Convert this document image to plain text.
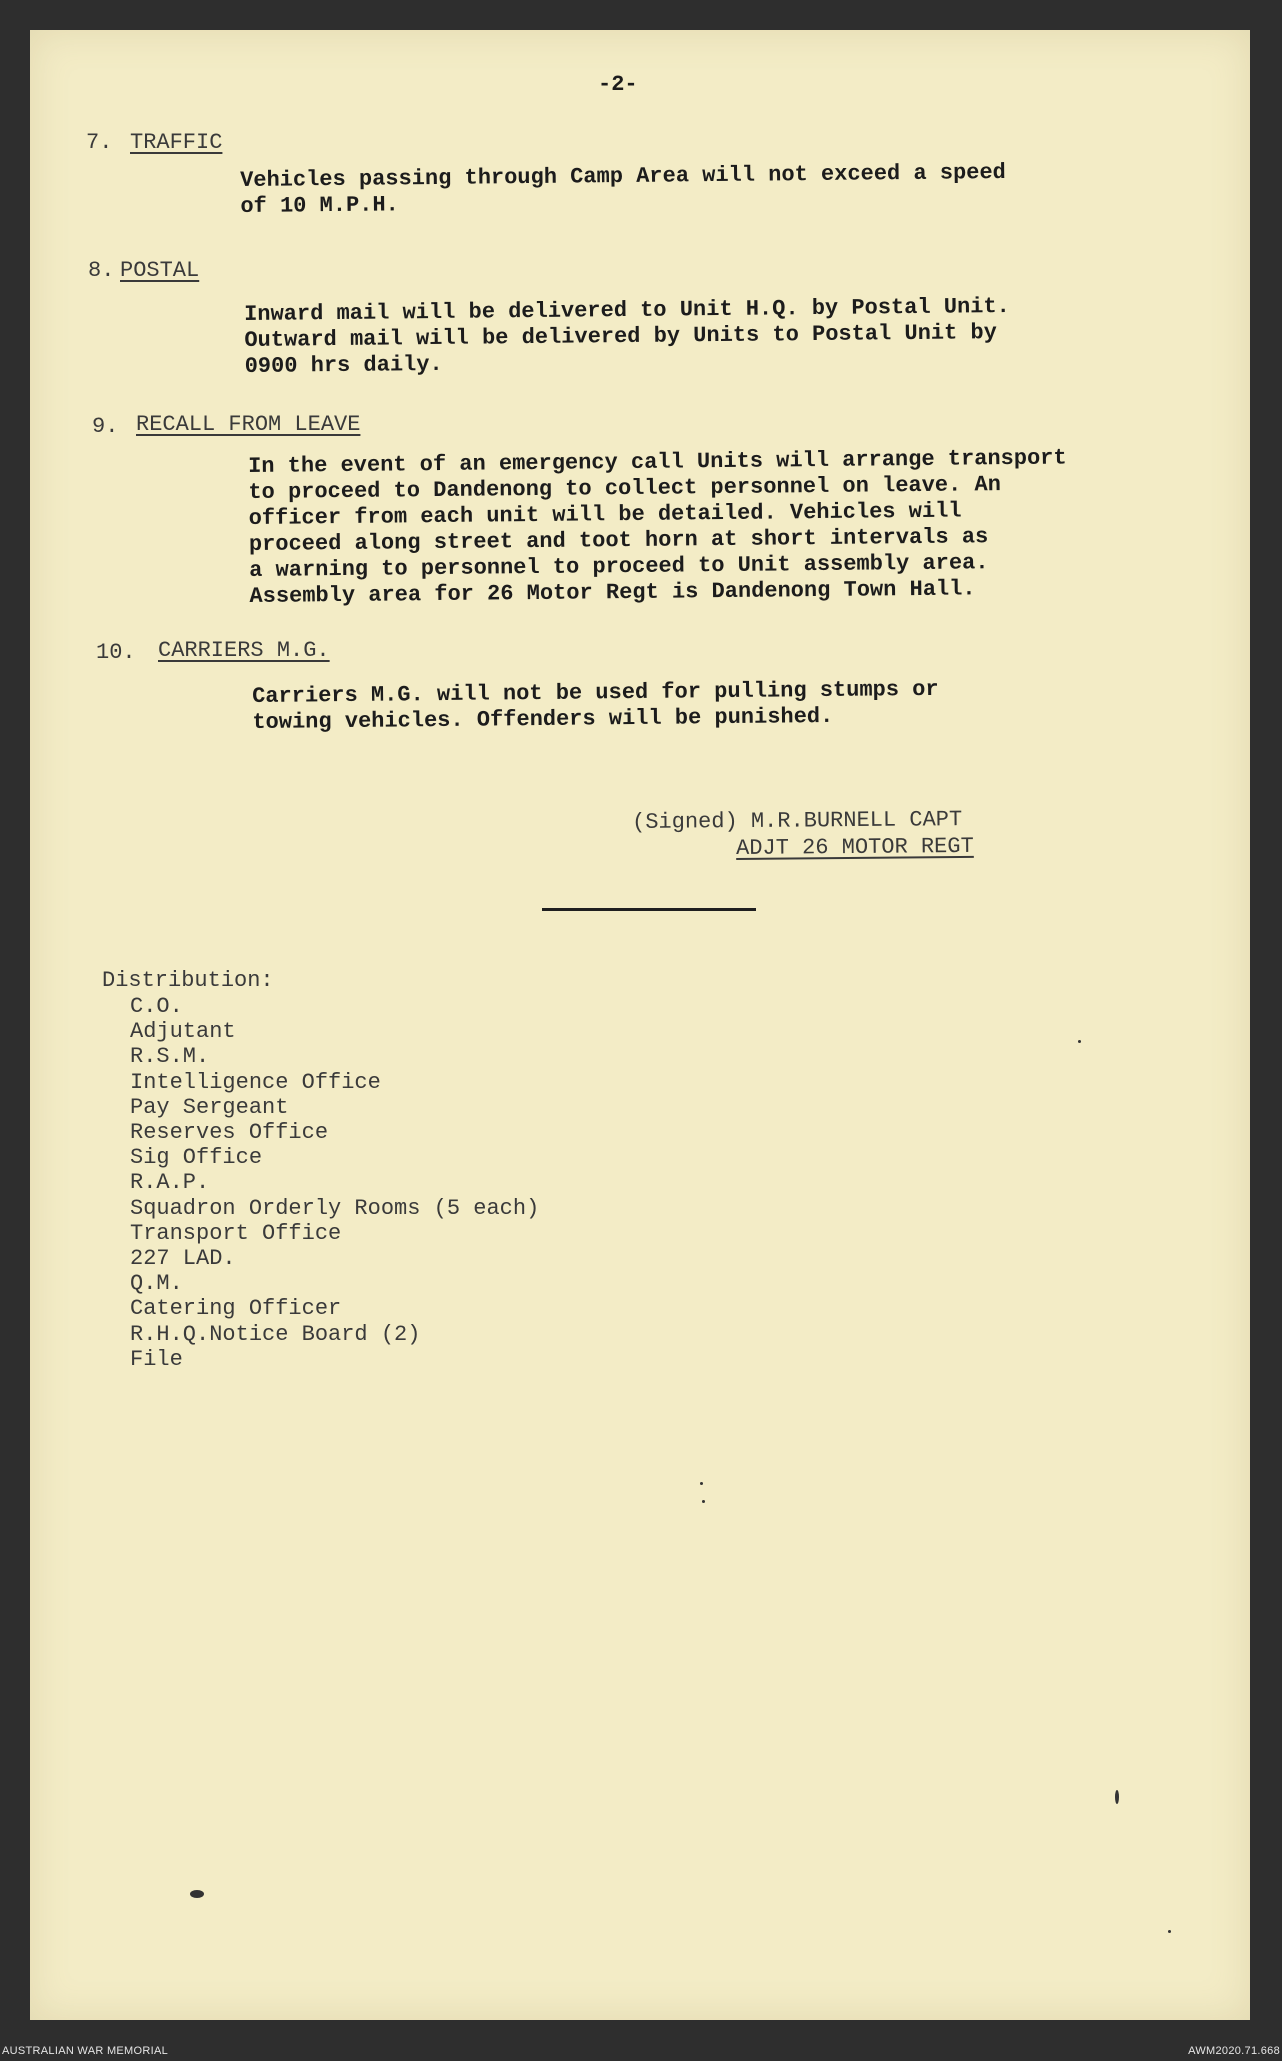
-2-
7. TRAFFIC
Vehicles passing through Camp Area will not exceed a speed
of 10 M.P.H.
8. POSTAL
Inward mail will be delivered to Unit H.Q. by Postal Unit.
Outward mail will be delivered by Units to Postal Unit by
0900 hrs daily.
9. RECALL FROM LEAVE
In the event of an emergency call Units will arrange transport
to proceed to Dandenong to collect personnel on leave. An
officer from each unit will be detailed. Vehicles will
proceed along street and toot horn at short intervals as
a warning to personnel to proceed to Unit assembly area.
Assembly area for 26 Motor Regt is Dandenong Town Hall.
10. CARRIERS M.G.
Carriers M.G. will not be used for pulling stumps or
towing vehicles. Offenders will be punished.
(Signed) M.R.BURNELL CAPT
ADJT 26 MOTOR REGT
Distribution:
C.O.
Adjutant
R.S.M.
Intelligence Office
Pay Sergeant
Reserves Office
Sig Office
R.A.P.
Squadron Orderly Rooms (5 each)
Transport Office
227 LAD.
Q.M.
Catering Officer
R.H.Q.Notice Board (2)
File
AUSTRALIAN WAR MEMORIAL	AWM2020.71.668
